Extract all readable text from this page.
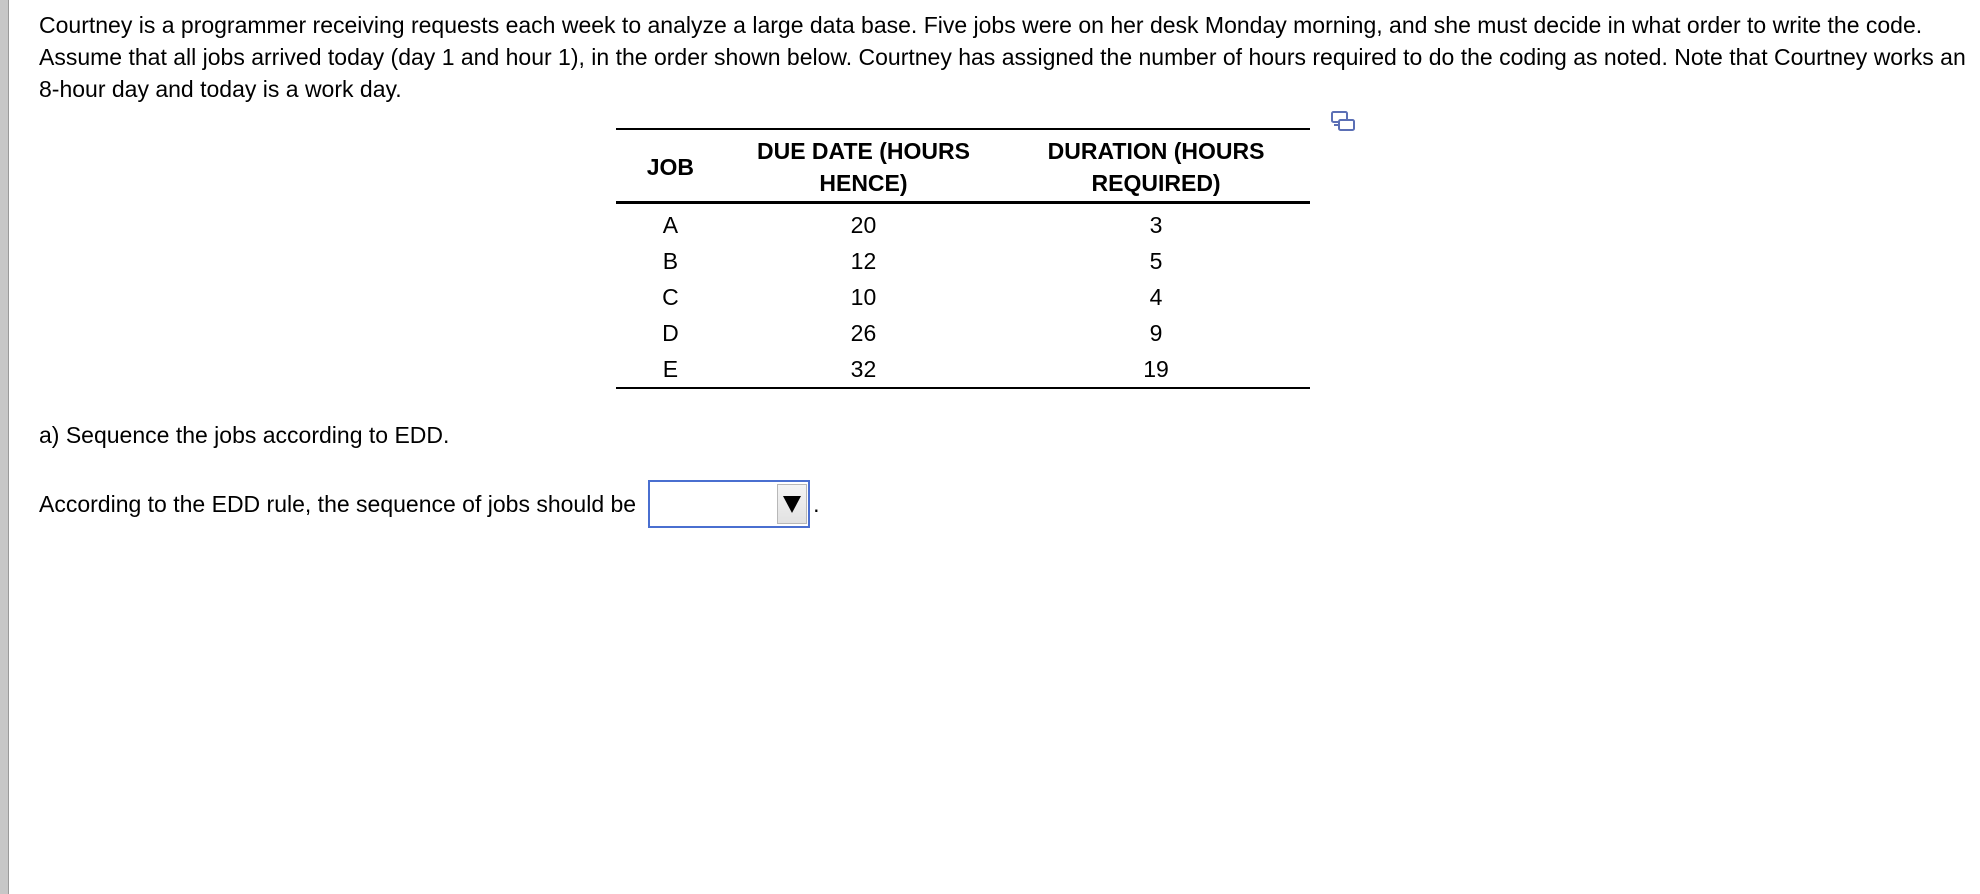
Courtney is a programmer receiving requests each week to analyze a large data base. Five jobs were on her desk Monday morning, and she must decide in what order to write the code. Assume that all jobs arrived today (day 1 and hour 1), in the order shown below. Courtney has assigned the number of hours required to do the coding as noted. Note that Courtney works an 8-hour day and today is a work day.

JOB	DUE DATE (HOURS HENCE)	DURATION (HOURS REQUIRED)
A	20	3
B	12	5
C	10	4
D	26	9
E	32	19

a) Sequence the jobs according to EDD.

According to the EDD rule, the sequence of jobs should be	.
